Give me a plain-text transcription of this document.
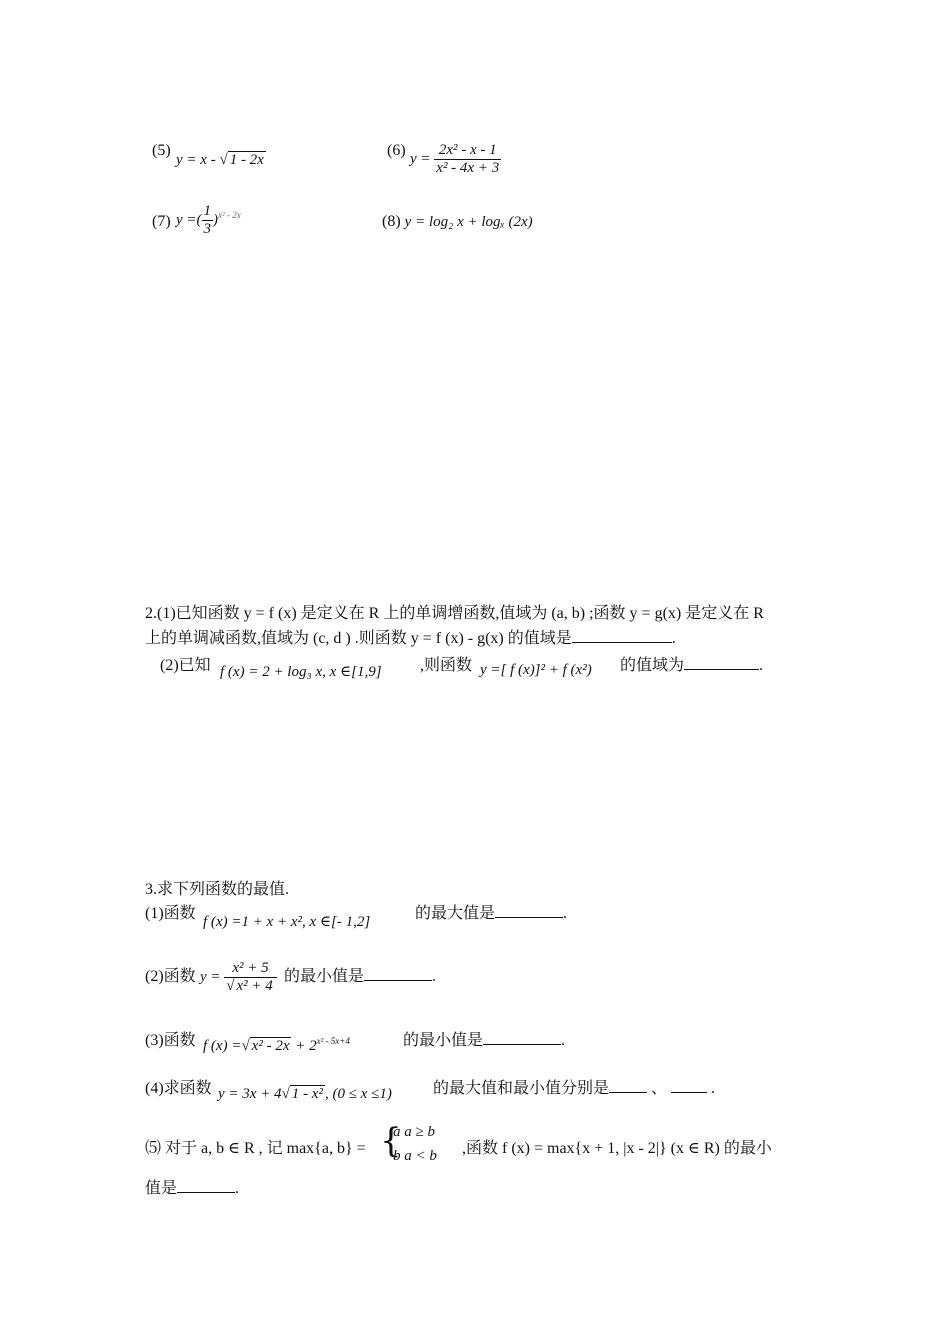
(5)
y = x - √ 1 - 2x
(6) $y = \frac{\text{2x² - x - 1}}{\text{x² - 4x + 3}}$
(7) y =( $\frac{1}{3} )^{x^2 - 2x}$	(8) y = log₂ x + logₓ (2x)
2.(1)已知函数 y = f (x) 是定义在 R 上的单调增函数,值域为 (a, b) ;函数 y = g(x) 是定义在 R
上的单调减函数,值域为 (c, d ) .则函数 y = f (x) - g(x) 的值域是	.
(2)已知 f (x) = 2 + log₃ x, x ∈[1,9] ,则函数 y =[ f (x)]² + f (x²) 的值域为	.
3.求下列函数的最值.
(1)函数 f (x) =1 + x + x², x ∈[- 1,2]	的最大值是	.
(2)函数 $y = \frac{\text{x² + 5}}{\text{√ x² + 4}}$ 的最小值是	.
(3)函数 f (x) =√ $x^2 - 2x + 2^{x^2 - 5x+4}$	的最小值是	.
(4)求函数 y = 3x + 4√ 1 - x² , (0 ≤ x ≤1)	的最大值和最小值分别是	、	.
⑸ 对于 a, b ∈ R , 记 max{a, b} = {
a a ≥ b
b a < b ,函数 f (x) = max{x + 1, |x - 2|} (x ∈ R) 的最小
值是	.
